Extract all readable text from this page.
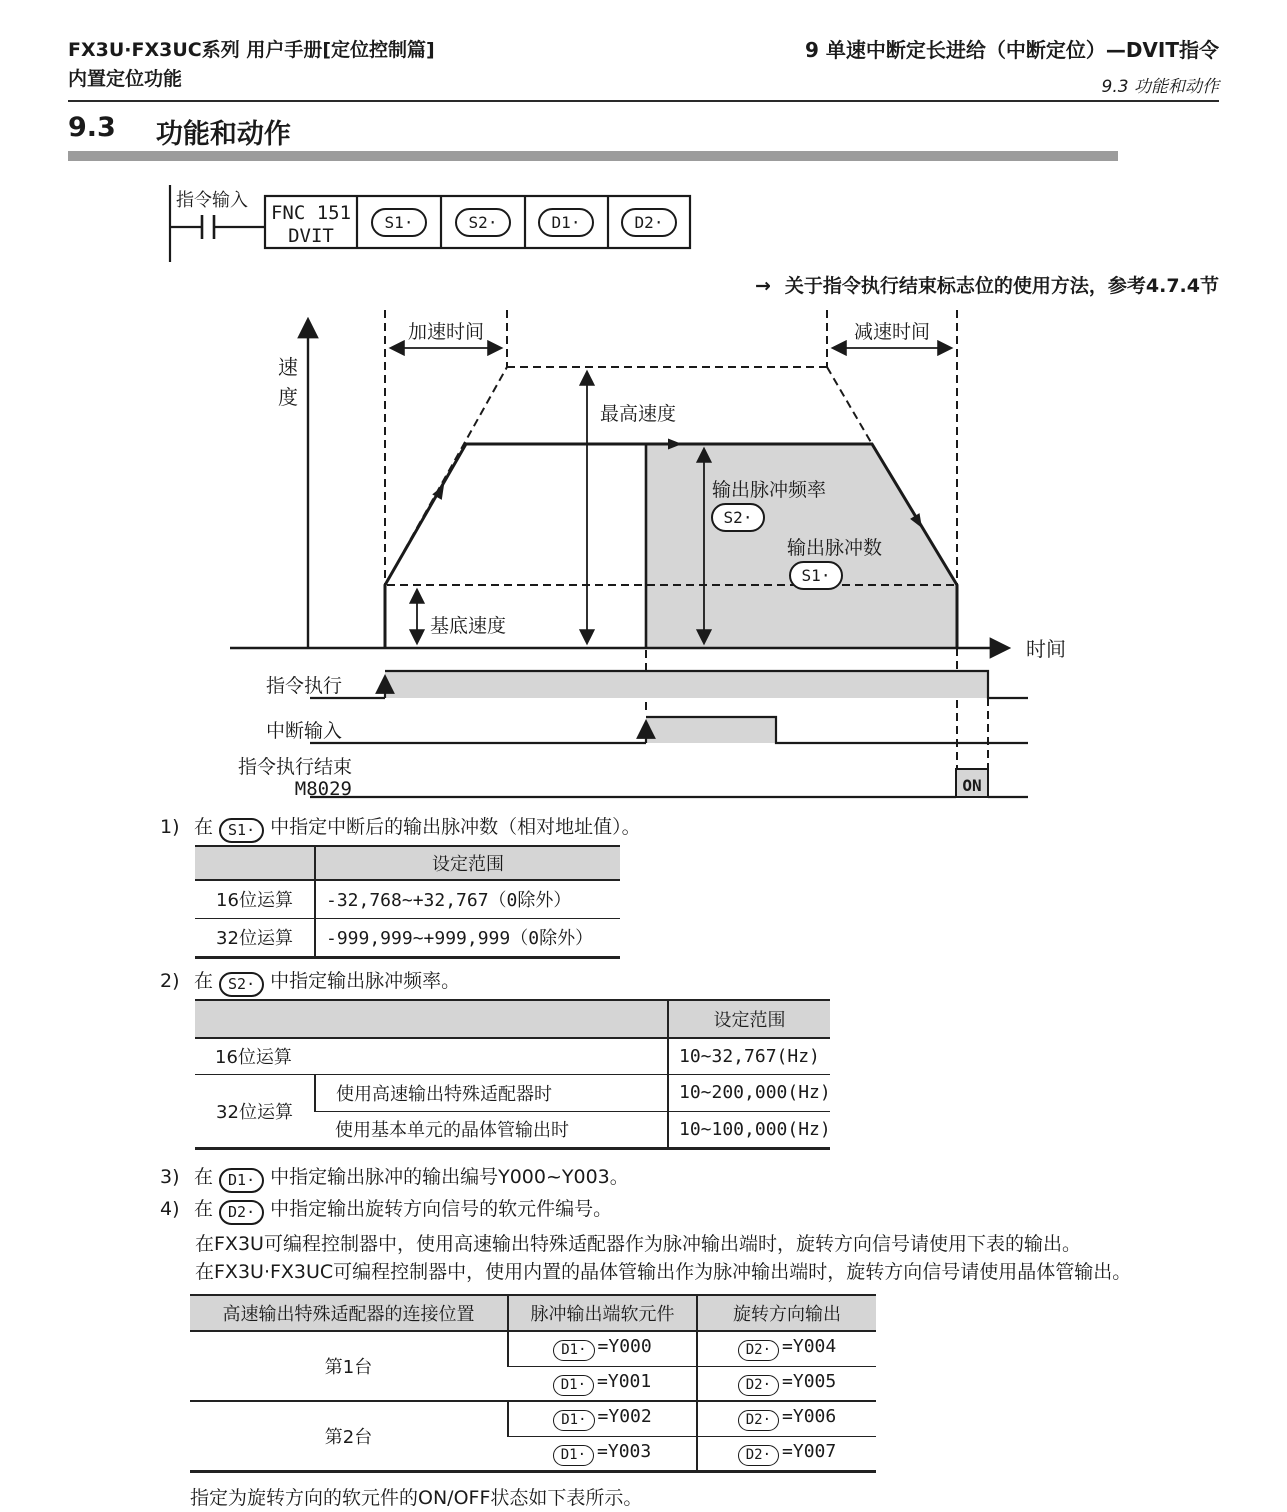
FX3U·FX3UC系列 用户手册[定位控制篇]
内置定位功能
9 单速中断定长进给（中断定位）—DVIT指令
9.3 功能和动作
9.3 功能和动作
指令输入
FNC 151
DVIT
S1·	S2·	D1·	D2·
→ 关于指令执行结束标志位的使用方法，参考4.7.4节
速
度
时间
加速时间	减速时间
最高速度
基底速度
输出脉冲频率
S2·
输出脉冲数
S1·
指令执行
中断输入
指令执行结束
M8029	ON
1) 在 S1· 中指定中断后的输出脉冲数（相对地址值）。
	设定范围
16位运算	-32,768~+32,767（0除外）
32位运算	-999,999~+999,999（0除外）
2) 在 S2· 中指定输出脉冲频率。
		设定范围
16位运算		10~32,767(Hz)
32位运算	使用高速输出特殊适配器时	10~200,000(Hz)
	使用基本单元的晶体管输出时	10~100,000(Hz)
3) 在 D1· 中指定输出脉冲的输出编号Y000~Y003。
4) 在 D2· 中指定输出旋转方向信号的软元件编号。
在FX3U可编程控制器中，使用高速输出特殊适配器作为脉冲输出端时，旋转方向信号请使用下表的输出。
在FX3U·FX3UC可编程控制器中，使用内置的晶体管输出作为脉冲输出端时，旋转方向信号请使用晶体管输出。
高速输出特殊适配器的连接位置	脉冲输出端软元件	旋转方向输出
第1台	D1· =Y000	D2· =Y004
	D1· =Y001	D2· =Y005
第2台	D1· =Y002	D2· =Y006
	D1· =Y003	D2· =Y007
指定为旋转方向的软元件的ON/OFF状态如下表所示。
